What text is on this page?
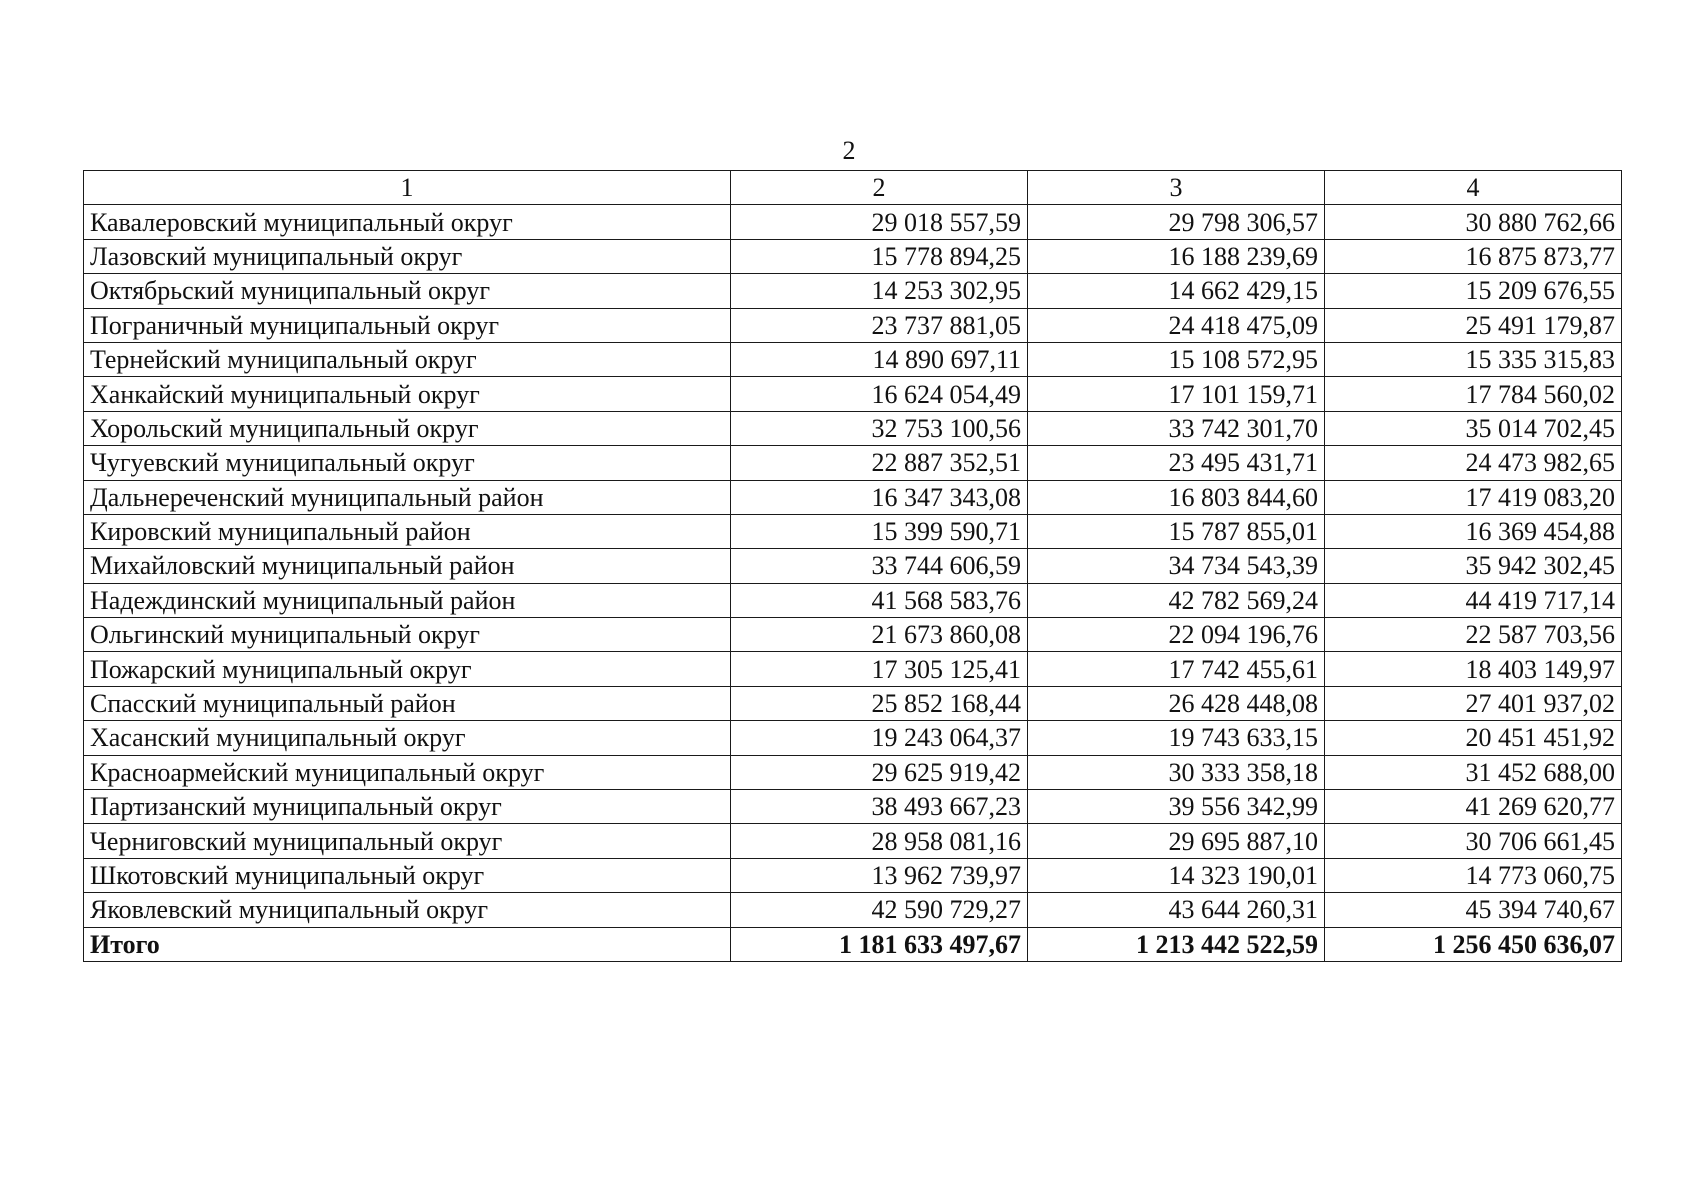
2
1	2	3	4
Кавалеровский муниципальный округ	29 018 557,59	29 798 306,57	30 880 762,66
Лазовский муниципальный округ	15 778 894,25	16 188 239,69	16 875 873,77
Октябрьский муниципальный округ	14 253 302,95	14 662 429,15	15 209 676,55
Пограничный муниципальный округ	23 737 881,05	24 418 475,09	25 491 179,87
Тернейский муниципальный округ	14 890 697,11	15 108 572,95	15 335 315,83
Ханкайский муниципальный округ	16 624 054,49	17 101 159,71	17 784 560,02
Хорольский муниципальный округ	32 753 100,56	33 742 301,70	35 014 702,45
Чугуевский муниципальный округ	22 887 352,51	23 495 431,71	24 473 982,65
Дальнереченский муниципальный район	16 347 343,08	16 803 844,60	17 419 083,20
Кировский муниципальный район	15 399 590,71	15 787 855,01	16 369 454,88
Михайловский муниципальный район	33 744 606,59	34 734 543,39	35 942 302,45
Надеждинский муниципальный район	41 568 583,76	42 782 569,24	44 419 717,14
Ольгинский муниципальный округ	21 673 860,08	22 094 196,76	22 587 703,56
Пожарский муниципальный округ	17 305 125,41	17 742 455,61	18 403 149,97
Спасский муниципальный район	25 852 168,44	26 428 448,08	27 401 937,02
Хасанский муниципальный округ	19 243 064,37	19 743 633,15	20 451 451,92
Красноармейский муниципальный округ	29 625 919,42	30 333 358,18	31 452 688,00
Партизанский муниципальный округ	38 493 667,23	39 556 342,99	41 269 620,77
Черниговский муниципальный округ	28 958 081,16	29 695 887,10	30 706 661,45
Шкотовский муниципальный округ	13 962 739,97	14 323 190,01	14 773 060,75
Яковлевский муниципальный округ	42 590 729,27	43 644 260,31	45 394 740,67
Итого	1 181 633 497,67	1 213 442 522,59	1 256 450 636,07
